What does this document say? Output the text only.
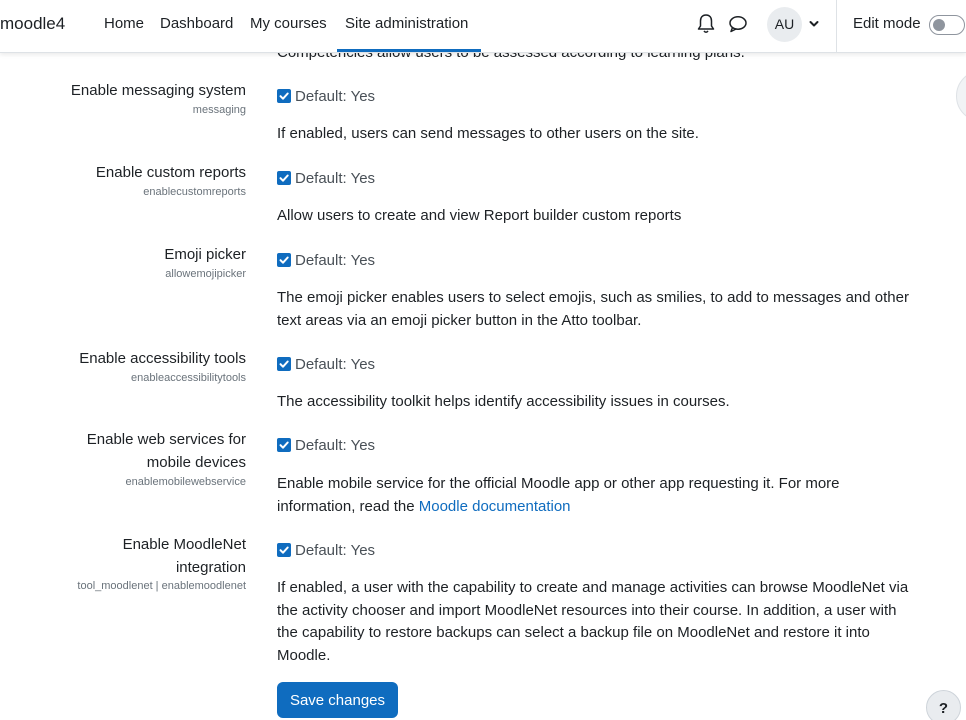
moodle4	Home Dashboard My courses Site administration	AU	Edit mode
Enable messaging system
messaging
Default: Yes
If enabled, users can send messages to other users on the site.
Enable custom reports
enablecustomreports
Default: Yes
Allow users to create and view Report builder custom reports
Emoji picker
allowemojipicker
Default: Yes
The emoji picker enables users to select emojis, such as smilies, to add to messages and other text areas via an emoji picker button in the Atto toolbar.
Enable accessibility tools
enableaccessibilitytools
Default: Yes
The accessibility toolkit helps identify accessibility issues in courses.
Enable web services for mobile devices
enablemobilewebservice
Default: Yes
Enable mobile service for the official Moodle app or other app requesting it. For more information, read the Moodle documentation
Enable MoodleNet integration
tool_moodlenet | enablemoodlenet
Default: Yes
If enabled, a user with the capability to create and manage activities can browse MoodleNet via the activity chooser and import MoodleNet resources into their course. In addition, a user with the capability to restore backups can select a backup file on MoodleNet and restore it into Moodle.
Save changes	?
